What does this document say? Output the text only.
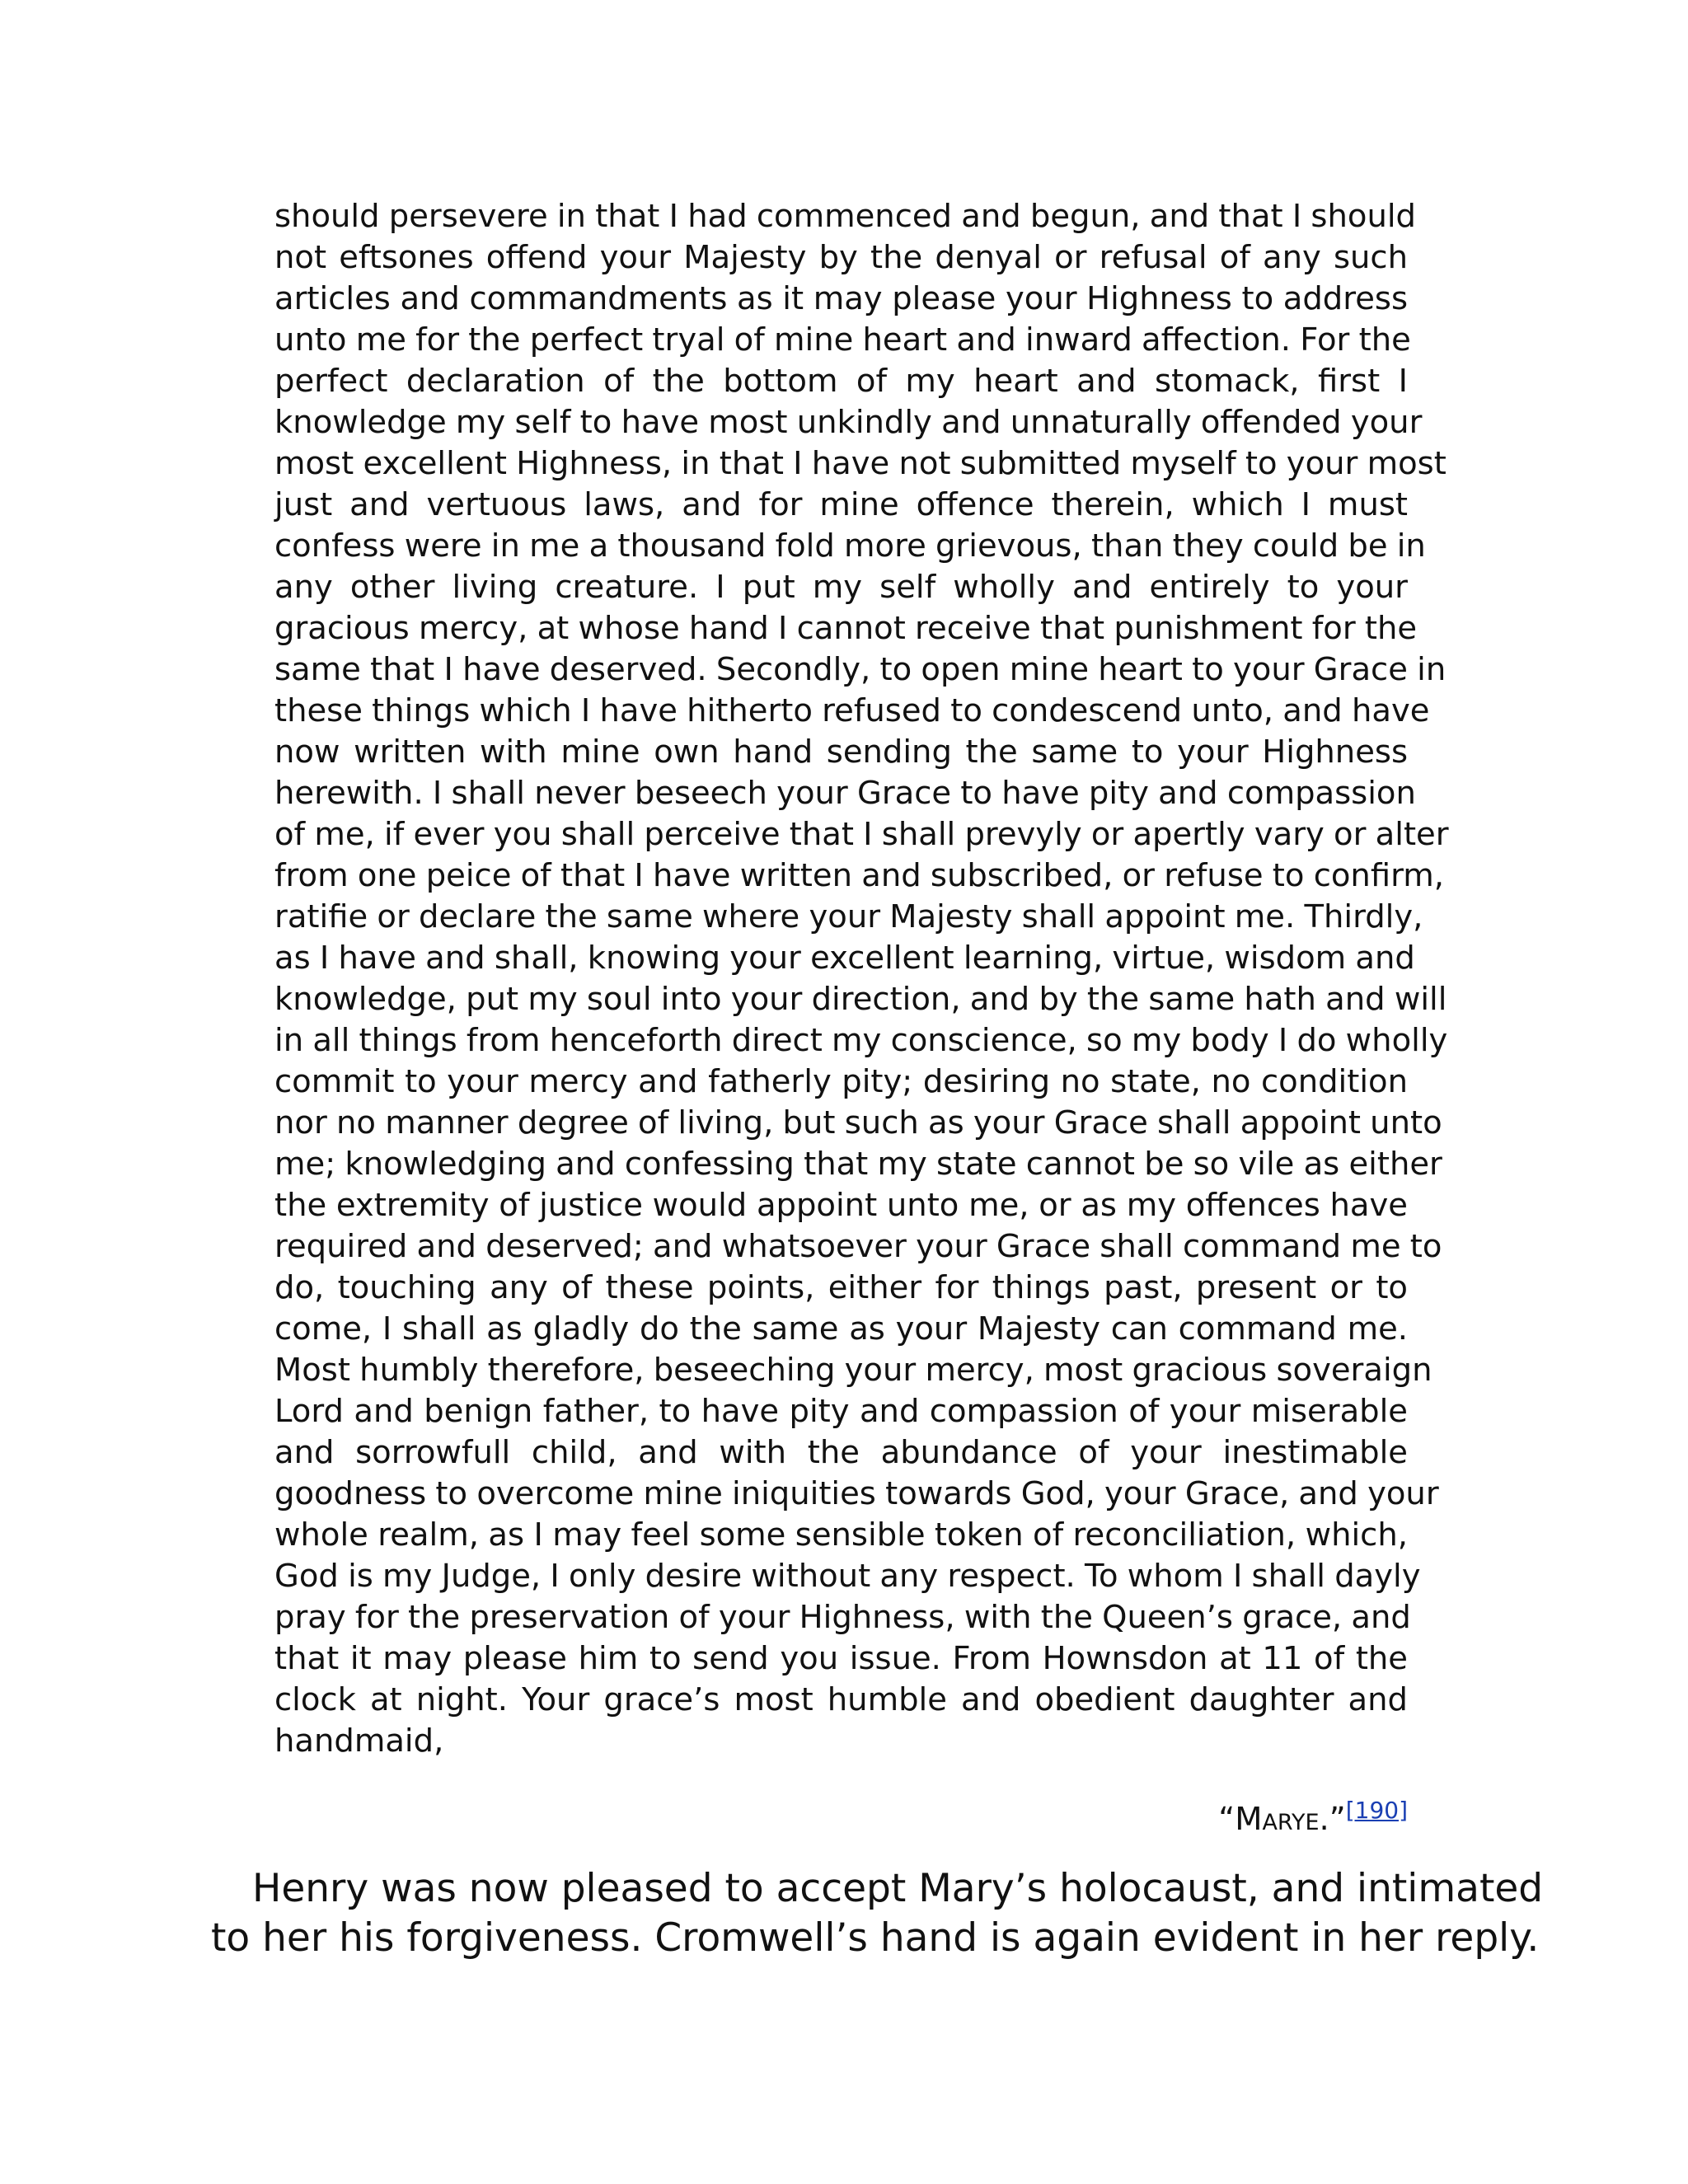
should persevere in that I had commenced and begun, and that I should
not eftsones offend your Majesty by the denyal or refusal of any such
articles and commandments as it may please your Highness to address
unto me for the perfect tryal of mine heart and inward affection. For the
perfect declaration of the bottom of my heart and stomack, first I
knowledge my self to have most unkindly and unnaturally offended your
most excellent Highness, in that I have not submitted myself to your most
just and vertuous laws, and for mine offence therein, which I must
confess were in me a thousand fold more grievous, than they could be in
any other living creature. I put my self wholly and entirely to your
gracious mercy, at whose hand I cannot receive that punishment for the
same that I have deserved. Secondly, to open mine heart to your Grace in
these things which I have hitherto refused to condescend unto, and have
now written with mine own hand sending the same to your Highness
herewith. I shall never beseech your Grace to have pity and compassion
of me, if ever you shall perceive that I shall prevyly or apertly vary or alter
from one peice of that I have written and subscribed, or refuse to confirm,
ratifie or declare the same where your Majesty shall appoint me. Thirdly,
as I have and shall, knowing your excellent learning, virtue, wisdom and
knowledge, put my soul into your direction, and by the same hath and will
in all things from henceforth direct my conscience, so my body I do wholly
commit to your mercy and fatherly pity; desiring no state, no condition
nor no manner degree of living, but such as your Grace shall appoint unto
me; knowledging and confessing that my state cannot be so vile as either
the extremity of justice would appoint unto me, or as my offences have
required and deserved; and whatsoever your Grace shall command me to
do, touching any of these points, either for things past, present or to
come, I shall as gladly do the same as your Majesty can command me.
Most humbly therefore, beseeching your mercy, most gracious soveraign
Lord and benign father, to have pity and compassion of your miserable
and sorrowfull child, and with the abundance of your inestimable
goodness to overcome mine iniquities towards God, your Grace, and your
whole realm, as I may feel some sensible token of reconciliation, which,
God is my Judge, I only desire without any respect. To whom I shall dayly
pray for the preservation of your Highness, with the Queen’s grace, and
that it may please him to send you issue. From Hownsdon at 11 of the
clock at night. Your grace’s most humble and obedient daughter and
handmaid,
“Marye.”[190]
Henry was now pleased to accept Mary’s holocaust, and intimated
to her his forgiveness. Cromwell’s hand is again evident in her reply.
